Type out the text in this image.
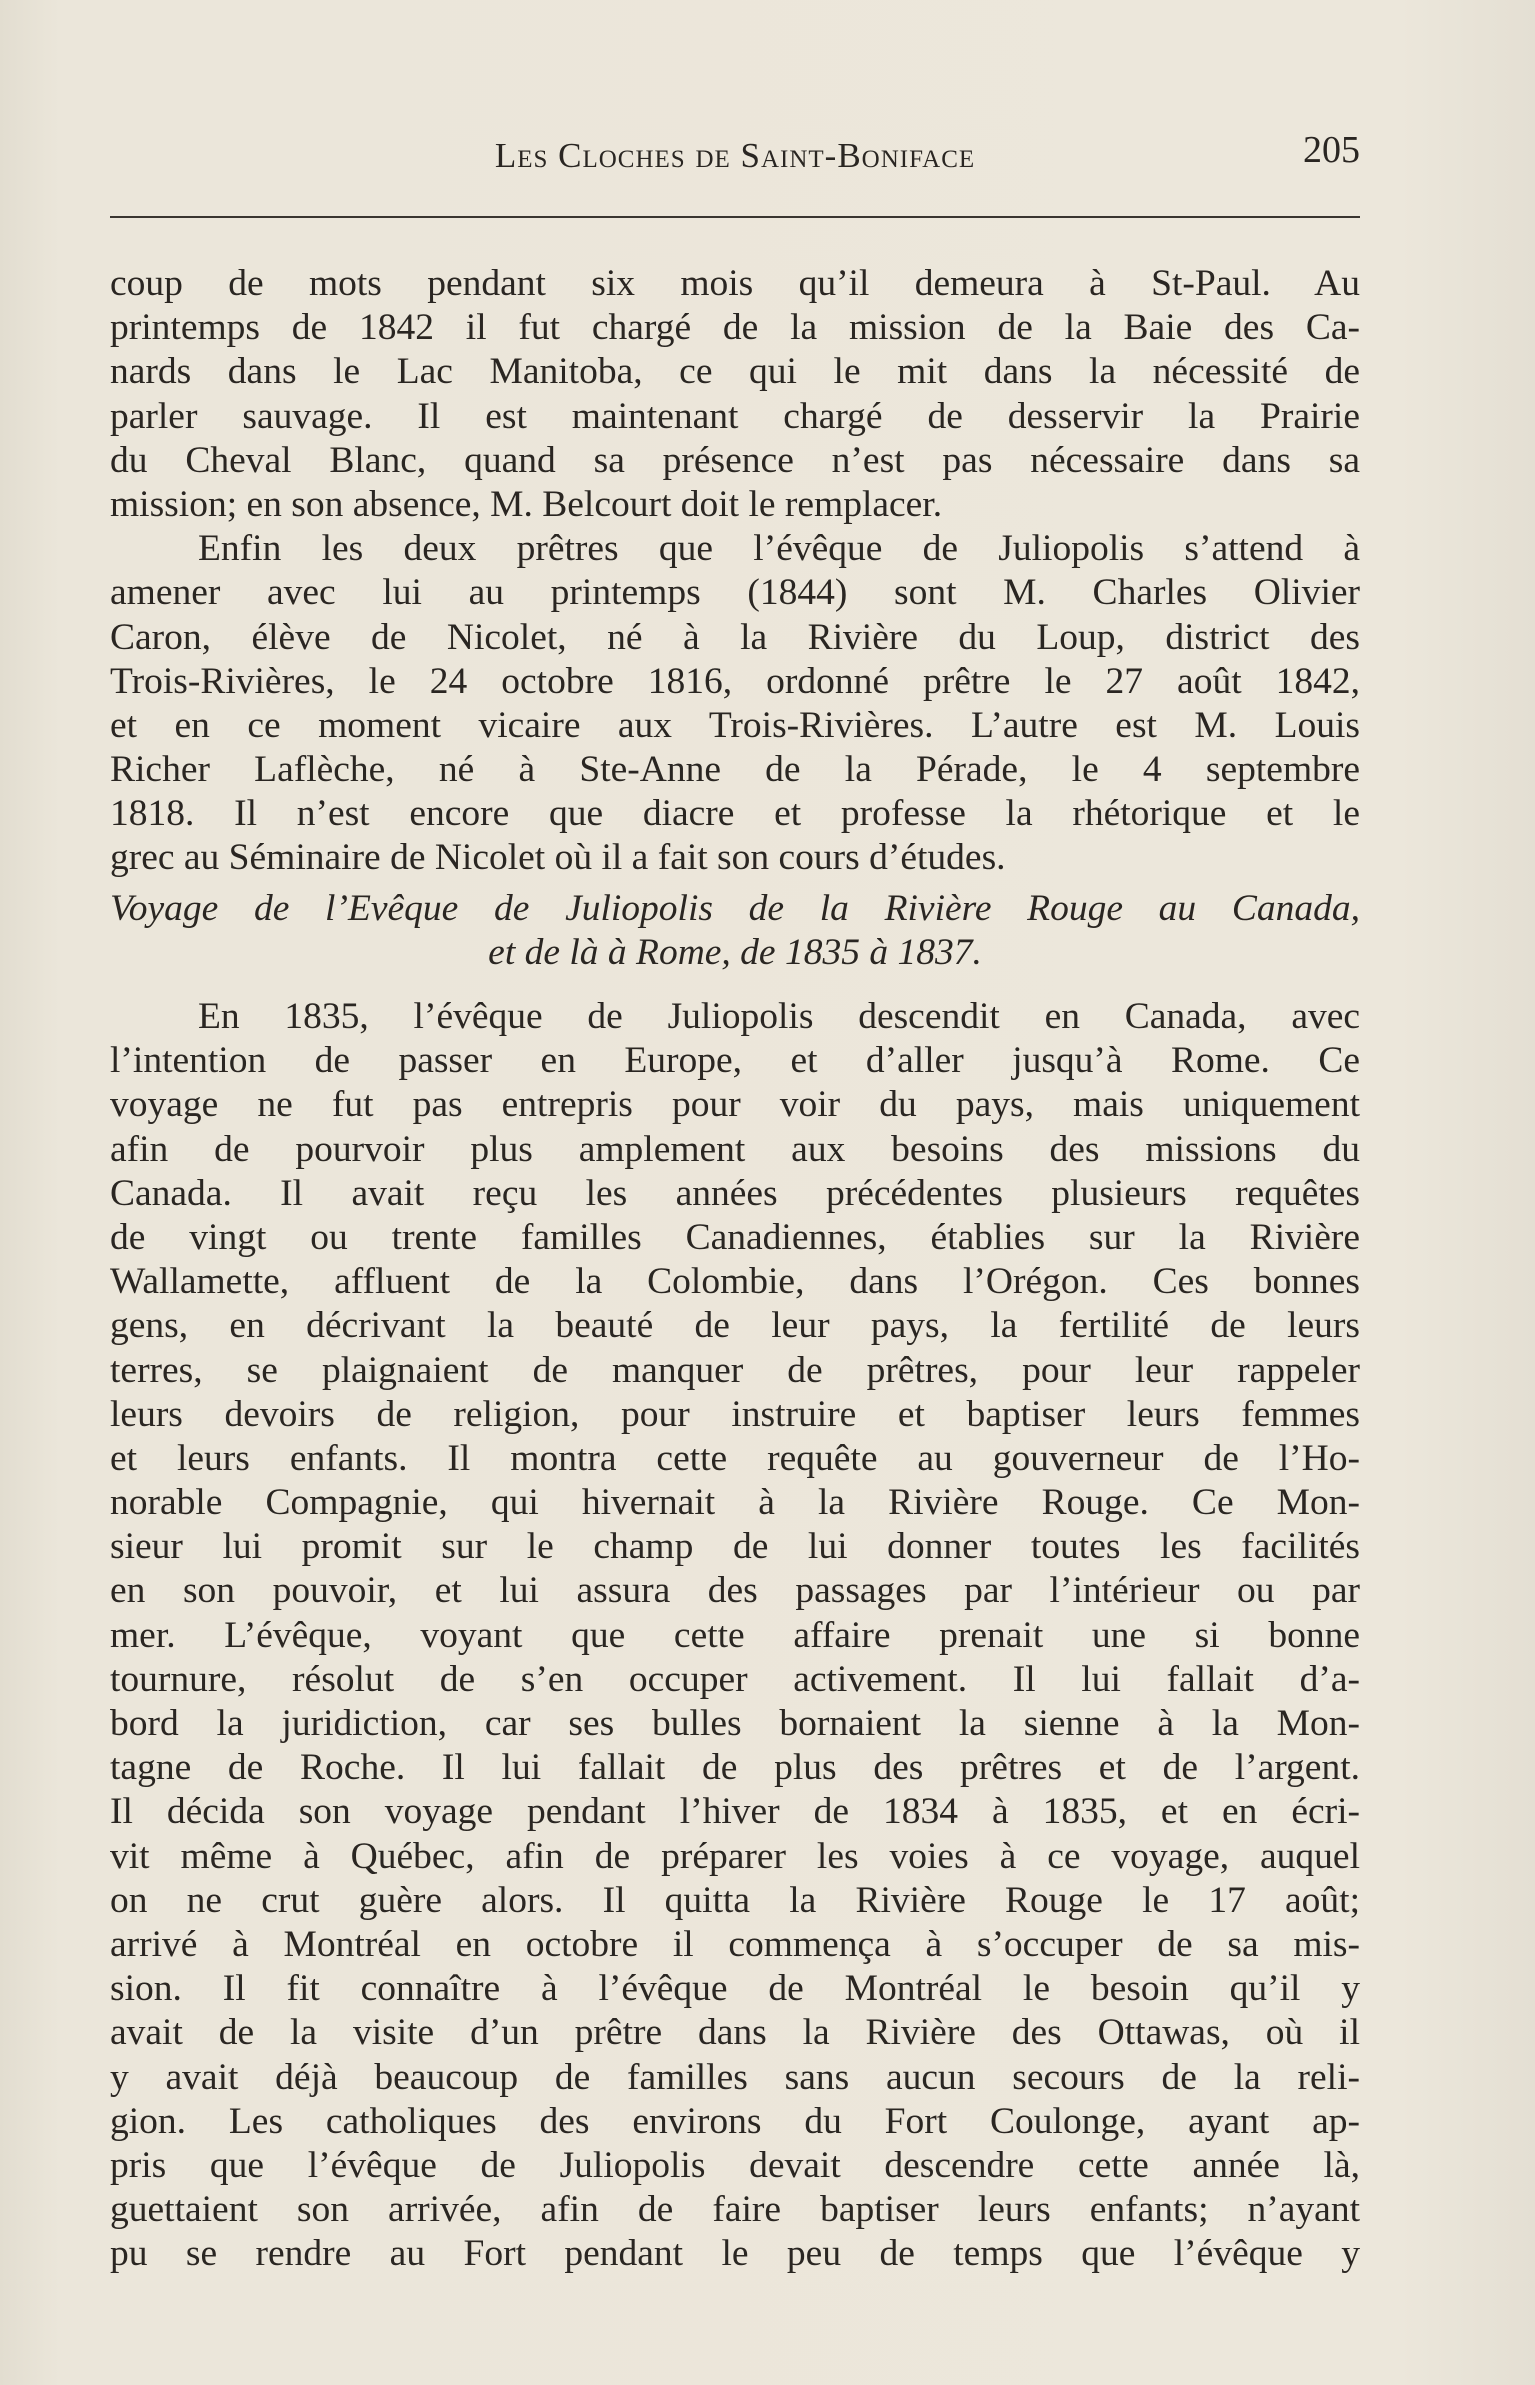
Les Cloches de Saint-Boniface	205
coup de mots pendant six mois qu’il demeura à St-Paul. Au
printemps de 1842 il fut chargé de la mission de la Baie des Ca-
nards dans le Lac Manitoba, ce qui le mit dans la nécessité de
parler sauvage. Il est maintenant chargé de desservir la Prairie
du Cheval Blanc, quand sa présence n’est pas nécessaire dans sa
mission; en son absence, M. Belcourt doit le remplacer.
Enfin les deux prêtres que l’évêque de Juliopolis s’attend à
amener avec lui au printemps (1844) sont M. Charles Olivier
Caron, élève de Nicolet, né à la Rivière du Loup, district des
Trois-Rivières, le 24 octobre 1816, ordonné prêtre le 27 août 1842,
et en ce moment vicaire aux Trois-Rivières. L’autre est M. Louis
Richer Laflèche, né à Ste-Anne de la Pérade, le 4 septembre
1818. Il n’est encore que diacre et professe la rhétorique et le
grec au Séminaire de Nicolet où il a fait son cours d’études.
Voyage de l’Evêque de Juliopolis de la Rivière Rouge au Canada,
et de là à Rome, de 1835 à 1837.
En 1835, l’évêque de Juliopolis descendit en Canada, avec
l’intention de passer en Europe, et d’aller jusqu’à Rome. Ce
voyage ne fut pas entrepris pour voir du pays, mais uniquement
afin de pourvoir plus amplement aux besoins des missions du
Canada. Il avait reçu les années précédentes plusieurs requêtes
de vingt ou trente familles Canadiennes, établies sur la Rivière
Wallamette, affluent de la Colombie, dans l’Orégon. Ces bonnes
gens, en décrivant la beauté de leur pays, la fertilité de leurs
terres, se plaignaient de manquer de prêtres, pour leur rappeler
leurs devoirs de religion, pour instruire et baptiser leurs femmes
et leurs enfants. Il montra cette requête au gouverneur de l’Ho-
norable Compagnie, qui hivernait à la Rivière Rouge. Ce Mon-
sieur lui promit sur le champ de lui donner toutes les facilités
en son pouvoir, et lui assura des passages par l’intérieur ou par
mer. L’évêque, voyant que cette affaire prenait une si bonne
tournure, résolut de s’en occuper activement. Il lui fallait d’a-
bord la juridiction, car ses bulles bornaient la sienne à la Mon-
tagne de Roche. Il lui fallait de plus des prêtres et de l’argent.
Il décida son voyage pendant l’hiver de 1834 à 1835, et en écri-
vit même à Québec, afin de préparer les voies à ce voyage, auquel
on ne crut guère alors. Il quitta la Rivière Rouge le 17 août;
arrivé à Montréal en octobre il commença à s’occuper de sa mis-
sion. Il fit connaître à l’évêque de Montréal le besoin qu’il y
avait de la visite d’un prêtre dans la Rivière des Ottawas, où il
y avait déjà beaucoup de familles sans aucun secours de la reli-
gion. Les catholiques des environs du Fort Coulonge, ayant ap-
pris que l’évêque de Juliopolis devait descendre cette année là,
guettaient son arrivée, afin de faire baptiser leurs enfants; n’ayant
pu se rendre au Fort pendant le peu de temps que l’évêque y
